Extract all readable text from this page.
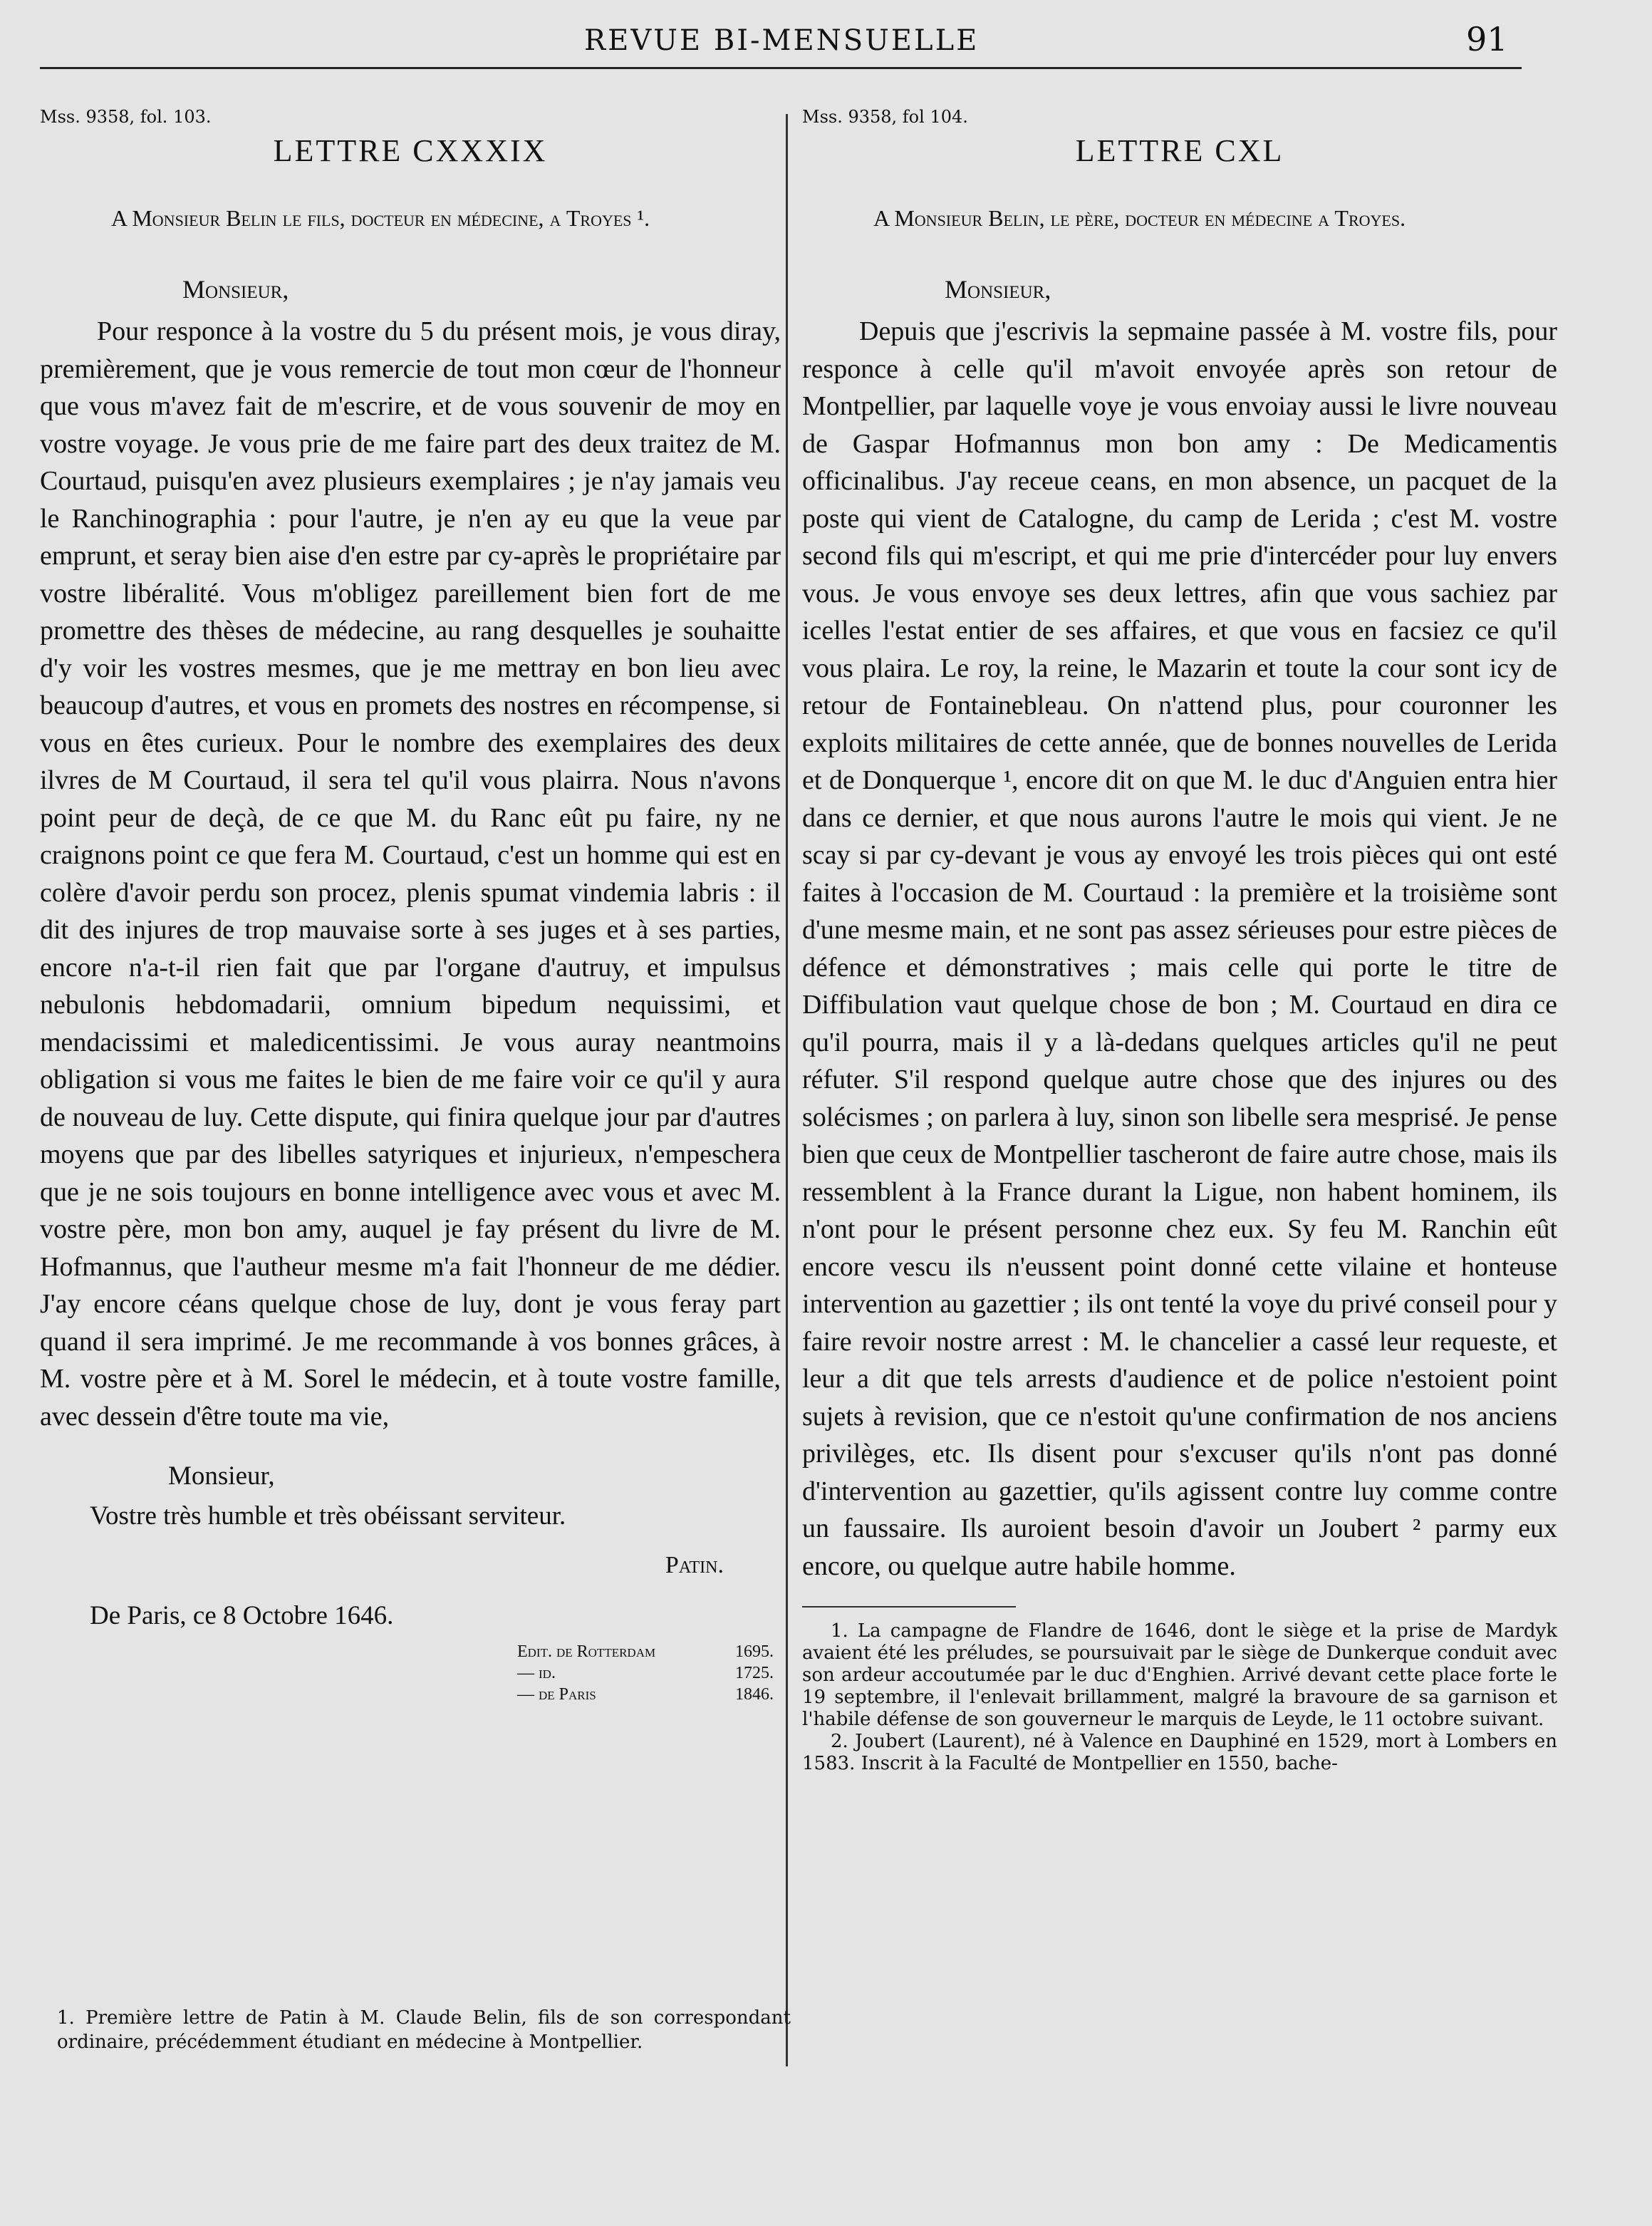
REVUE BI-MENSUELLE	91
Mss. 9358, fol. 103.
LETTRE CXXXIX

A Monsieur Belin le fils, docteur en médecine, a Troyes ¹.

Monsieur,

Pour responce à la vostre du 5 du présent mois, je vous diray, premièrement, que je vous remercie de tout mon cœur de l'honneur que vous m'avez fait de m'escrire, et de vous souvenir de moy en vostre voyage. Je vous prie de me faire part des deux traitez de M. Courtaud, puisqu'en avez plusieurs exemplaires ; je n'ay jamais veu le Ranchinographia : pour l'autre, je n'en ay eu que la veue par emprunt, et seray bien aise d'en estre par cy-après le propriétaire par vostre libéralité. Vous m'obligez pareillement bien fort de me promettre des thèses de médecine, au rang desquelles je souhaitte d'y voir les vostres mesmes, que je me mettray en bon lieu avec beaucoup d'autres, et vous en promets des nostres en récompense, si vous en êtes curieux. Pour le nombre des exemplaires des deux ilvres de M Courtaud, il sera tel qu'il vous plairra. Nous n'avons point peur de deçà, de ce que M. du Ranc eût pu faire, ny ne craignons point ce que fera M. Courtaud, c'est un homme qui est en colère d'avoir perdu son procez, plenis spumat vindemia labris : il dit des injures de trop mauvaise sorte à ses juges et à ses parties, encore n'a-t-il rien fait que par l'organe d'autruy, et impulsus nebulonis hebdomadarii, omnium bipedum nequissimi, et mendacissimi et maledicentissimi. Je vous auray neantmoins obligation si vous me faites le bien de me faire voir ce qu'il y aura de nouveau de luy. Cette dispute, qui finira quelque jour par d'autres moyens que par des libelles satyriques et injurieux, n'empeschera que je ne sois toujours en bonne intelligence avec vous et avec M. vostre père, mon bon amy, auquel je fay présent du livre de M. Hofmannus, que l'autheur mesme m'a fait l'honneur de me dédier. J'ay encore céans quelque chose de luy, dont je vous feray part quand il sera imprimé. Je me recommande à vos bonnes grâces, à M. vostre père et à M. Sorel le médecin, et à toute vostre famille, avec dessein d'être toute ma vie,

Monsieur,
Vostre très humble et très obéissant serviteur.
Patin.
De Paris, ce 8 Octobre 1646.
Edit. de Rotterdam	1695.
— id.	1725.
— de Paris	1846.
1. Première lettre de Patin à M. Claude Belin, fils de son correspondant ordinaire, précédemment étudiant en médecine à Montpellier.
Mss. 9358, fol 104.
LETTRE CXL

A Monsieur Belin, le père, docteur en médecine a Troyes.

Monsieur,

Depuis que j'escrivis la sepmaine passée à M. vostre fils, pour responce à celle qu'il m'avoit envoyée après son retour de Montpellier, par laquelle voye je vous envoiay aussi le livre nouveau de Gaspar Hofmannus mon bon amy : De Medicamentis officinalibus. J'ay receue ceans, en mon absence, un pacquet de la poste qui vient de Catalogne, du camp de Lerida ; c'est M. vostre second fils qui m'escript, et qui me prie d'intercéder pour luy envers vous. Je vous envoye ses deux lettres, afin que vous sachiez par icelles l'estat entier de ses affaires, et que vous en facsiez ce qu'il vous plaira. Le roy, la reine, le Mazarin et toute la cour sont icy de retour de Fontainebleau. On n'attend plus, pour couronner les exploits militaires de cette année, que de bonnes nouvelles de Lerida et de Donquerque ¹, encore dit on que M. le duc d'Anguien entra hier dans ce dernier, et que nous aurons l'autre le mois qui vient. Je ne scay si par cy-devant je vous ay envoyé les trois pièces qui ont esté faites à l'occasion de M. Courtaud : la première et la troisième sont d'une mesme main, et ne sont pas assez sérieuses pour estre pièces de défence et démonstratives ; mais celle qui porte le titre de Diffibulation vaut quelque chose de bon ; M. Courtaud en dira ce qu'il pourra, mais il y a là-dedans quelques articles qu'il ne peut réfuter. S'il respond quelque autre chose que des injures ou des solécismes ; on parlera à luy, sinon son libelle sera mesprisé. Je pense bien que ceux de Montpellier tascheront de faire autre chose, mais ils ressemblent à la France durant la Ligue, non habent hominem, ils n'ont pour le présent personne chez eux. Sy feu M. Ranchin eût encore vescu ils n'eussent point donné cette vilaine et honteuse intervention au gazettier ; ils ont tenté la voye du privé conseil pour y faire revoir nostre arrest : M. le chancelier a cassé leur requeste, et leur a dit que tels arrests d'audience et de police n'estoient point sujets à revision, que ce n'estoit qu'une confirmation de nos anciens privilèges, etc. Ils disent pour s'excuser qu'ils n'ont pas donné d'intervention au gazettier, qu'ils agissent contre luy comme contre un faussaire. Ils auroient besoin d'avoir un Joubert ² parmy eux encore, ou quelque autre habile homme.

1. La campagne de Flandre de 1646, dont le siège et la prise de Mardyk avaient été les préludes, se poursuivait par le siège de Dunkerque conduit avec son ardeur accoutumée par le duc d'Enghien. Arrivé devant cette place forte le 19 septembre, il l'enlevait brillamment, malgré la bravoure de sa garnison et l'habile défense de son gouverneur le marquis de Leyde, le 11 octobre suivant.

2. Joubert (Laurent), né à Valence en Dauphiné en 1529, mort à Lombers en 1583. Inscrit à la Faculté de Montpellier en 1550, bache-
